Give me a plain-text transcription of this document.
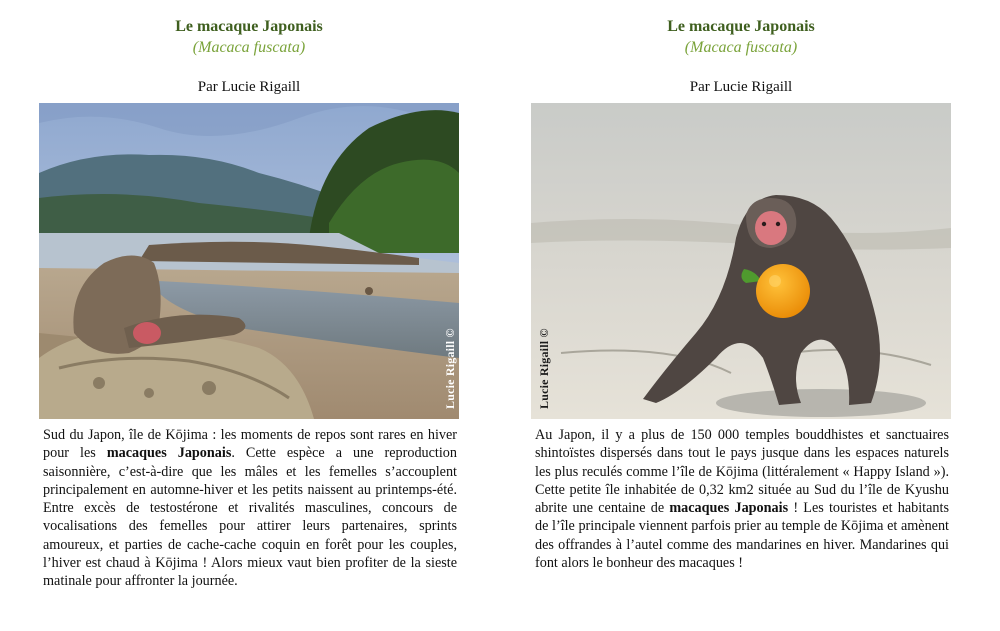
Le macaque Japonais
(Macaca fuscata)
Par Lucie Rigaill
Lucie Rigaill ©
Sud du Japon, île de Kōjima : les moments de repos sont rares en hiver pour les macaques Japonais. Cette espèce a une reproduction saisonnière, c’est-à-dire que les mâles et les femelles s’accouplent principalement en automne-hiver et les petits naissent au printemps-été. Entre excès de testostérone et rivalités masculines, concours de vocalisations des femelles pour attirer leurs partenaires, sprints amoureux, et parties de cache-cache coquin en forêt pour les couples, l’hiver est chaud à Kōjima ! Alors mieux vaut bien profiter de la sieste matinale pour affronter la journée.
Le macaque Japonais
(Macaca fuscata)
Par Lucie Rigaill
Lucie Rigaill ©
Au Japon, il y a plus de 150 000 temples bouddhistes et sanctuaires shintoïstes dispersés dans tout le pays jusque dans les espaces naturels les plus reculés comme l’île de Kōjima (littéralement « Happy Island »). Cette petite île inhabitée de 0,32 km2 située au Sud du l’île de Kyushu abrite une centaine de macaques Japonais ! Les touristes et habitants de l’île principale viennent parfois prier au temple de Kōjima et amènent des offrandes à l’autel comme des mandarines en hiver. Mandarines qui font alors le bonheur des macaques !
